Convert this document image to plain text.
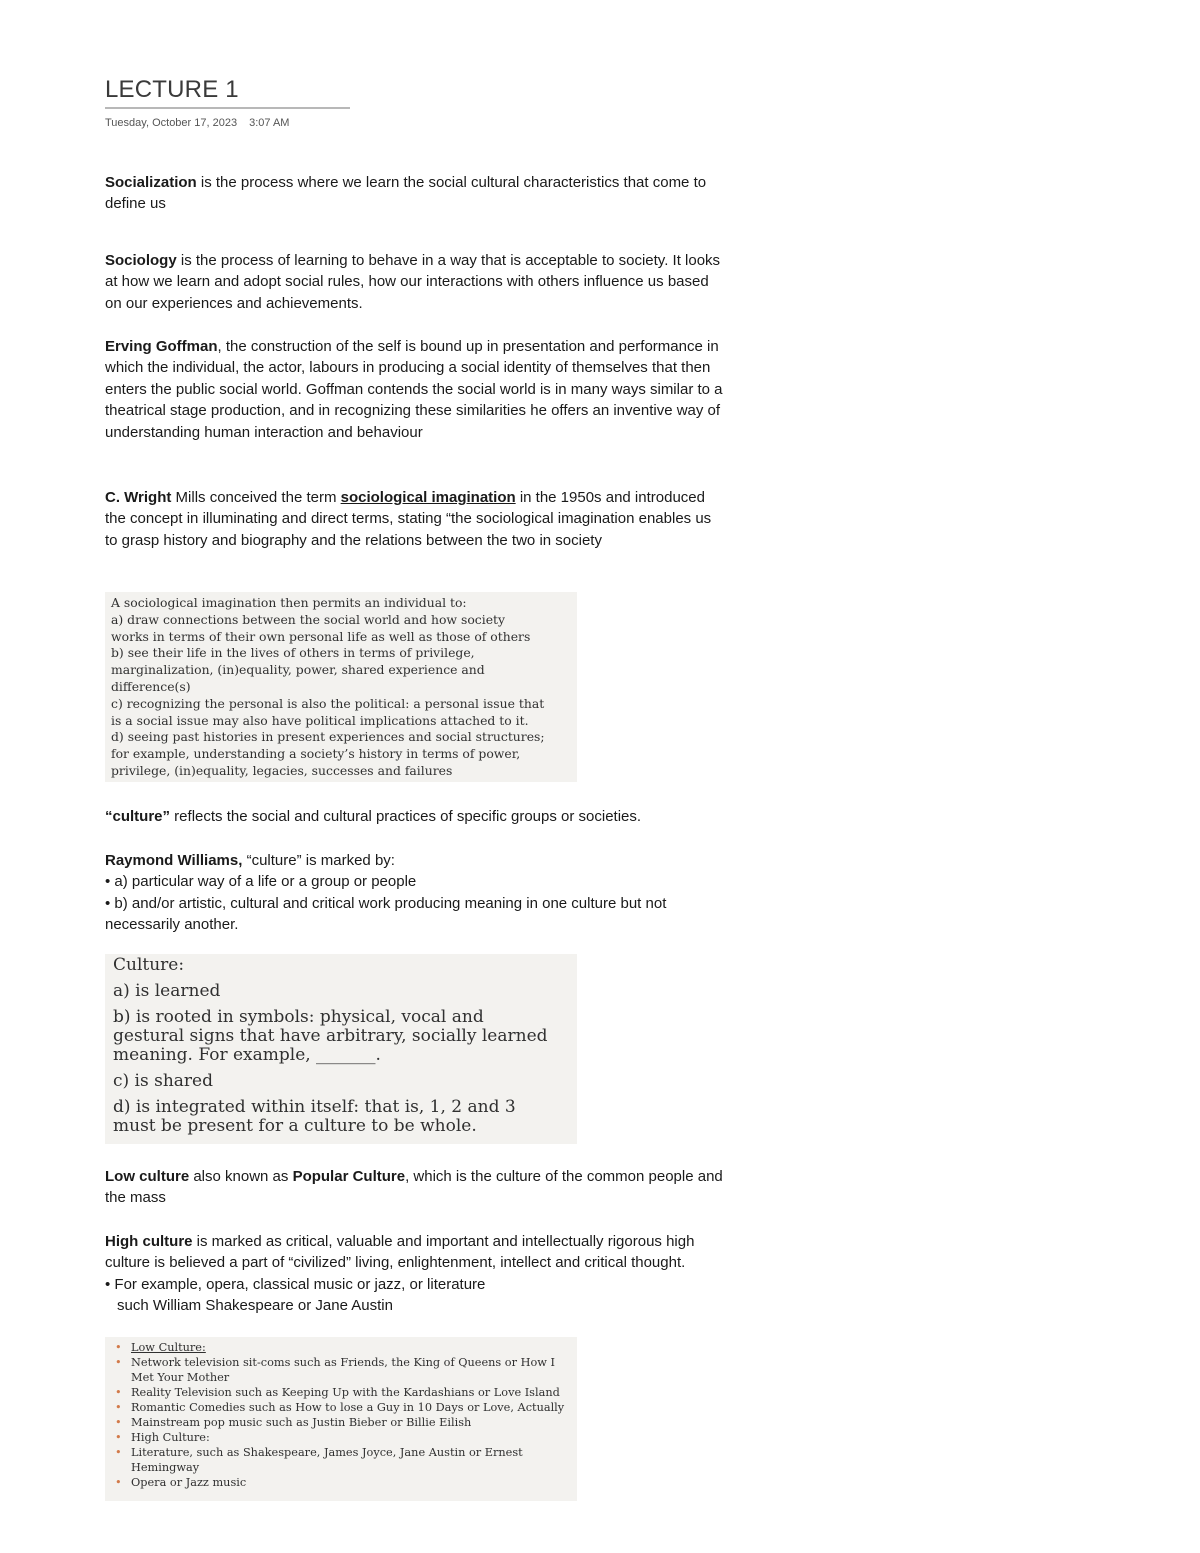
LECTURE 1
Tuesday, October 17, 2023 3:07 AM
Socialization is the process where we learn the social cultural characteristics that come to define us
Sociology is the process of learning to behave in a way that is acceptable to society. It looks at how we learn and adopt social rules, how our interactions with others influence us based on our experiences and achievements.
Erving Goffman, the construction of the self is bound up in presentation and performance in which the individual, the actor, labours in producing a social identity of themselves that then enters the public social world. Goffman contends the social world is in many ways similar to a theatrical stage production, and in recognizing these similarities he offers an inventive way of understanding human interaction and behaviour
C. Wright Mills conceived the term sociological imagination in the 1950s and introduced the concept in illuminating and direct terms, stating “the sociological imagination enables us to grasp history and biography and the relations between the two in society
A sociological imagination then permits an individual to:
a) draw connections between the social world and how society
works in terms of their own personal life as well as those of others
b) see their life in the lives of others in terms of privilege,
marginalization, (in)equality, power, shared experience and
difference(s)
c) recognizing the personal is also the political: a personal issue that
is a social issue may also have political implications attached to it.
d) seeing past histories in present experiences and social structures;
for example, understanding a society’s history in terms of power,
privilege, (in)equality, legacies, successes and failures
“culture” reflects the social and cultural practices of specific groups or societies.
Raymond Williams, “culture” is marked by:
• a) particular way of a life or a group or people
• b) and/or artistic, cultural and critical work producing meaning in one culture but not necessarily another.
Culture:
a) is learned
b) is rooted in symbols: physical, vocal and
gestural signs that have arbitrary, socially learned
meaning. For example, _______.
c) is shared
d) is integrated within itself: that is, 1, 2 and 3
must be present for a culture to be whole.
Low culture also known as Popular Culture, which is the culture of the common people and the mass
High culture is marked as critical, valuable and important and intellectually rigorous high culture is believed a part of “civilized” living, enlightenment, intellect and critical thought.
• For example, opera, classical music or jazz, or literature
such William Shakespeare or Jane Austin
• Low Culture:
• Network television sit-coms such as Friends, the King of Queens or How I
Met Your Mother
• Reality Television such as Keeping Up with the Kardashians or Love Island
• Romantic Comedies such as How to lose a Guy in 10 Days or Love, Actually
• Mainstream pop music such as Justin Bieber or Billie Eilish
• High Culture:
• Literature, such as Shakespeare, James Joyce, Jane Austin or Ernest
Hemingway
• Opera or Jazz music
